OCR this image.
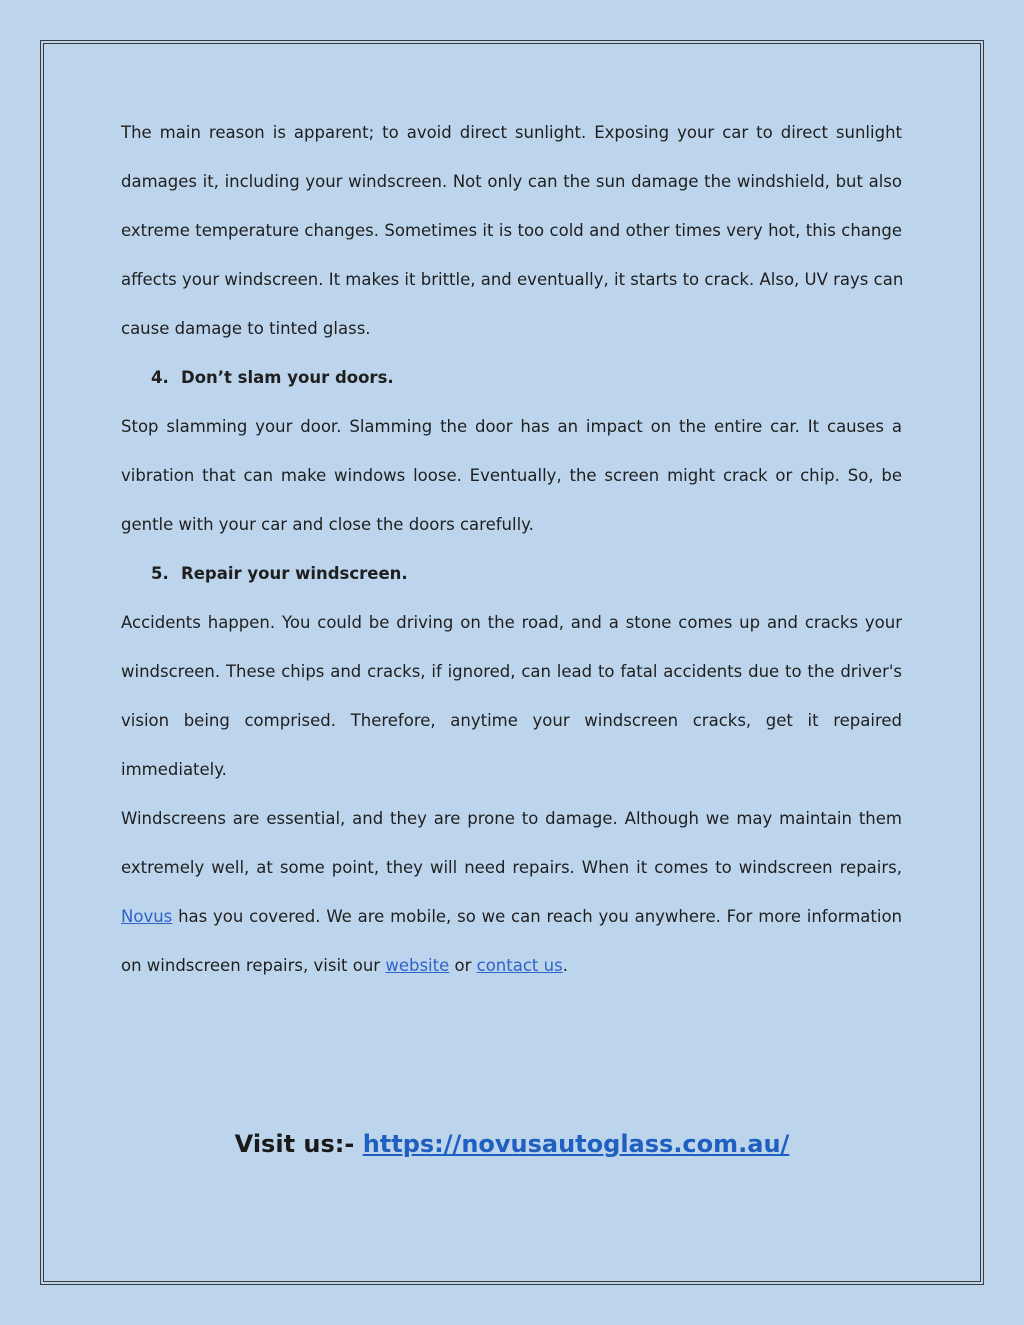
The main reason is apparent; to avoid direct sunlight. Exposing your car to direct sunlight
damages it, including your windscreen. Not only can the sun damage the windshield, but also
extreme temperature changes. Sometimes it is too cold and other times very hot, this change
affects your windscreen. It makes it brittle, and eventually, it starts to crack. Also, UV rays can
cause damage to tinted glass.
4. Don’t slam your doors.
Stop slamming your door. Slamming the door has an impact on the entire car. It causes a
vibration that can make windows loose. Eventually, the screen might crack or chip. So, be
gentle with your car and close the doors carefully.
5. Repair your windscreen.
Accidents happen. You could be driving on the road, and a stone comes up and cracks your
windscreen. These chips and cracks, if ignored, can lead to fatal accidents due to the driver's
vision being comprised. Therefore, anytime your windscreen cracks, get it repaired
immediately.
Windscreens are essential, and they are prone to damage. Although we may maintain them
extremely well, at some point, they will need repairs. When it comes to windscreen repairs,
Novus has you covered. We are mobile, so we can reach you anywhere. For more information
on windscreen repairs, visit our website or contact us.
Visit us:- https://novusautoglass.com.au/
